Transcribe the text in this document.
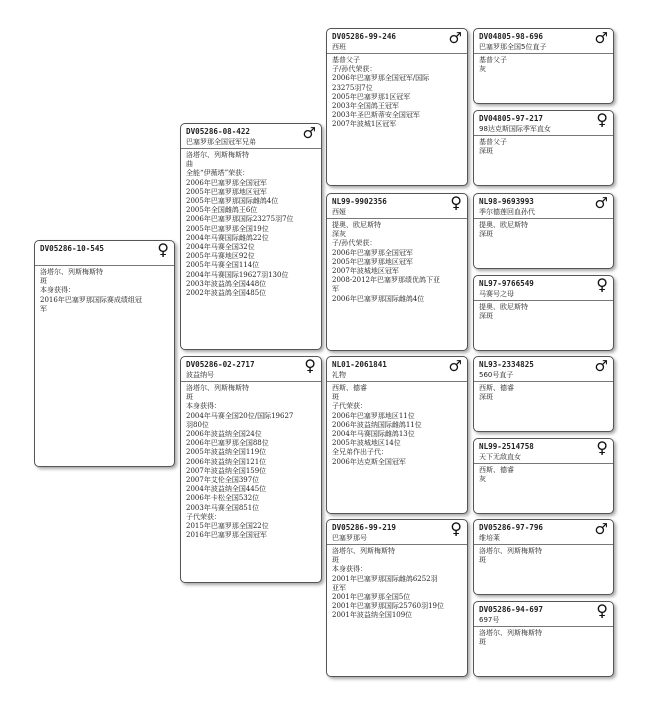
♀
DV05286-10-545

洛塔尔、列斯梅斯特
斑
本身获得：
2016年巴塞罗那国际赛成绩组冠
军
♂
DV05286-08-422
巴塞罗那全国冠军兄弟
洛塔尔、列斯梅斯特
曲
全能“伊薇塔”荣获：
2006年巴塞罗那全国冠军
2005年巴塞罗那地区冠军
2005年巴塞罗那国际雌鸽4位
2005年全国雌鸽王6位
2006年巴塞罗那国际23275羽7位
2005年巴塞罗那全国19位
2004年马赛国际雌鸽22位
2004年马赛全国32位
2005年马赛地区92位
2005年马赛全国114位
2004年马赛国际19627羽130位
2003年波益鸽全国448位
2002年波益鸽全国485位
♀
DV05286-02-2717
波益纳号
洛塔尔、列斯梅斯特
斑
本身获得：
2004年马赛全国20位/国际19627
羽80位
2006年波益纳全国24位
2006年巴塞罗那全国88位
2005年波益纳全国119位
2006年波益纳全国121位
2007年波益纳全国159位
2007年艾伦全国397位
2004年波益纳全国445位
2006年卡松全国532位
2003年马赛全国851位
子代荣获：
2015年巴塞罗那全国22位
2016年巴塞罗那全国冠军
♂
DV05286-99-246
西班
基普父子
子/孙代荣获：
2006年巴塞罗那全国冠军/国际
23275羽7位
2005年巴塞罗那1区冠军
2003年全国鸽王冠军
2003年圣巴斯蒂安全国冠军
2007年波城1区冠军
♀
NL99-9902356
西娅
提奥、欧尼斯特
深灰
子/孙代荣获：
2006年巴塞罗那全国冠军
2005年巴塞罗那地区冠军
2007年波城地区冠军
2008-2012年巴塞罗那绩优鸽下亚
军
2006年巴塞罗那国际雌鸽4位
♂
NL01-2061841
礼物
西斯、德睿
斑
子代荣获：
2006年巴塞罗那地区11位
2006年波益纳国际雌鸽11位
2004年马赛国际雌鸽13位
2005年波城地区14位
全兄弟作出子代：
2006年达克斯全国冠军
♀
DV05286-99-219
巴塞罗那号
洛塔尔、列斯梅斯特
斑
本身获得：
2001年巴塞罗那国际雌鸽6252羽
亚军
2001年巴塞罗那全国5位
2001年巴塞罗那国际25760羽19位
2001年波益纳全国109位
♂
DV04805-98-696
巴塞罗那全国5位直子
基普父子
灰
♀
DV04805-97-217
98达克斯国际季军直女
基普父子
深斑
♂
NL98-9693993
季尔德莲回血孙代
提奥、欧尼斯特
深斑
♀
NL97-9766549
马赛号之母
提奥、欧尼斯特
深斑
♂
NL93-2334825
560号直子
西斯、德睿
深斑
♀
NL99-2514758
天下无敌直女
西斯、德睿
灰
♂
DV05286-97-796
维培莱
洛塔尔、列斯梅斯特
斑
♀
DV05286-94-697
697号
洛塔尔、列斯梅斯特
斑
